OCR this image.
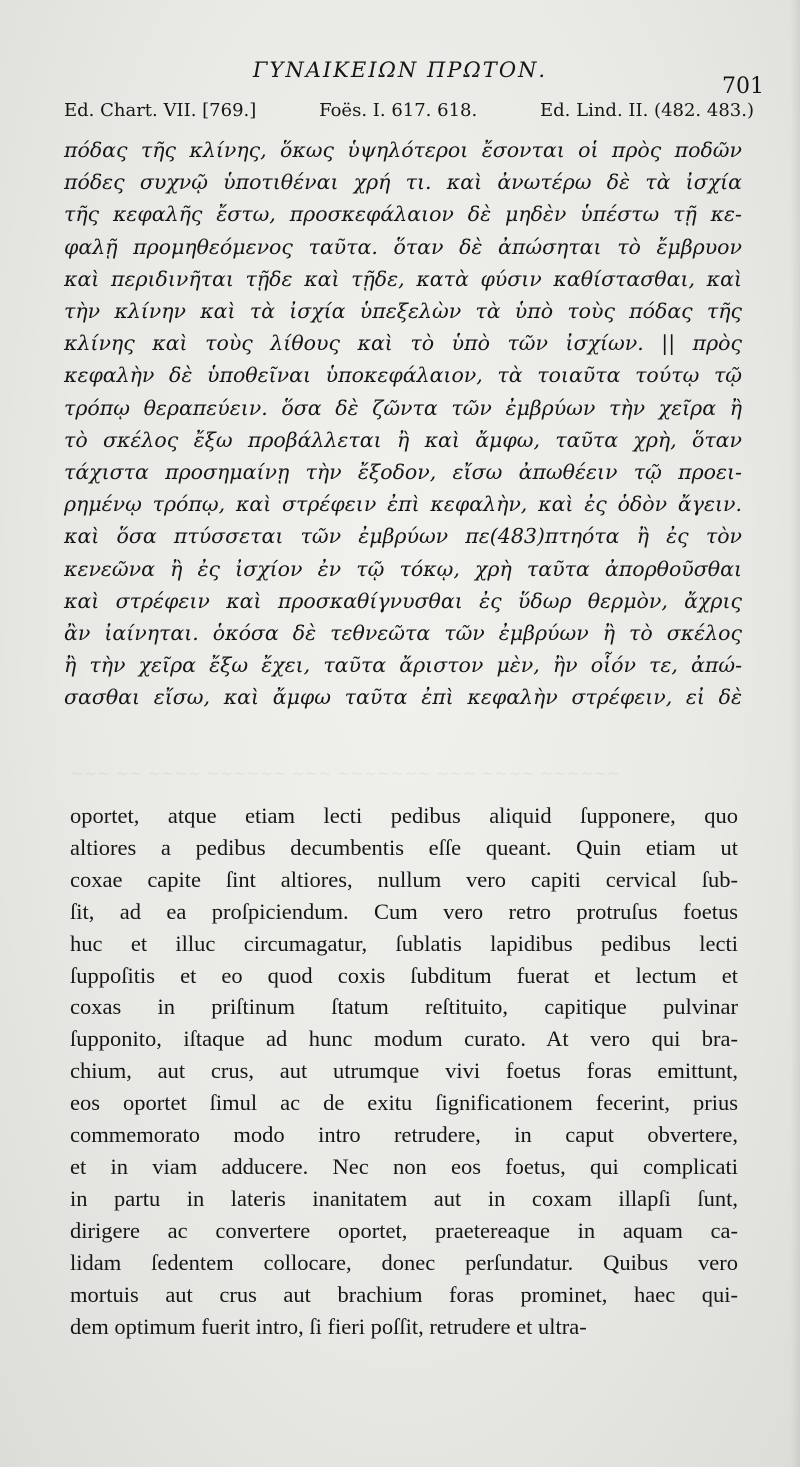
ΓΥΝΑΙΚΕΙΩΝ ΠΡΩΤΟΝ.
701
Ed. Chart. VII. [769.]	Foës. I. 617. 618.	Ed. Lind. II. (482. 483.)
πόδας τῆς κλίνης, ὅκως ὑψηλότεροι ἔσονται οἱ πρὸς ποδῶν
πόδες συχνῷ ὑποτιθέναι χρή τι. καὶ ἀνωτέρω δὲ τὰ ἰσχία
τῆς κεφαλῆς ἔστω, προσκεφάλαιον δὲ μηδὲν ὑπέστω τῇ κε-
φαλῇ προμηθεόμενος ταῦτα. ὅταν δὲ ἀπώσηται τὸ ἔμβρυον
καὶ περιδινῆται τῇδε καὶ τῇδε, κατὰ φύσιν καθίστασθαι, καὶ
τὴν κλίνην καὶ τὰ ἰσχία ὑπεξελὼν τὰ ὑπὸ τοὺς πόδας τῆς
κλίνης καὶ τοὺς λίθους καὶ τὸ ὑπὸ τῶν ἰσχίων. || πρὸς
κεφαλὴν δὲ ὑποθεῖναι ὑποκεφάλαιον, τὰ τοιαῦτα τούτῳ τῷ
τρόπῳ θεραπεύειν. ὅσα δὲ ζῶντα τῶν ἐμβρύων τὴν χεῖρα ἢ
τὸ σκέλος ἔξω προβάλλεται ἢ καὶ ἄμφω, ταῦτα χρὴ, ὅταν
τάχιστα προσημαίνῃ τὴν ἔξοδον, εἴσω ἀπωθέειν τῷ προει-
ρημένῳ τρόπῳ, καὶ στρέφειν ἐπὶ κεφαλὴν, καὶ ἐς ὁδὸν ἄγειν.
καὶ ὅσα πτύσσεται τῶν ἐμβρύων πε(483)πτηότα ἢ ἐς τὸν
κενεῶνα ἢ ἐς ἰσχίον ἐν τῷ τόκῳ, χρὴ ταῦτα ἀπορθοῦσθαι
καὶ στρέφειν καὶ προσκαθίγνυσθαι ἐς ὕδωρ θερμὸν, ἄχρις
ἂν ἰαίνηται. ὁκόσα δὲ τεθνεῶτα τῶν ἐμβρύων ἢ τὸ σκέλος
ἢ τὴν χεῖρα ἔξω ἔχει, ταῦτα ἄριστον μὲν, ἢν οἷόν τε, ἀπώ-
σασθαι εἴσω, καὶ ἄμφω ταῦτα ἐπὶ κεφαλὴν στρέφειν, εἰ δὲ
~~~ ~~ ~~~~ ~~~~~~ ~~~ ~~~~~~~ ~~~ ~~~~ ~~~~~~
oportet, atque etiam lecti pedibus aliquid ſupponere, quo
altiores a pedibus decumbentis eſſe queant. Quin etiam ut
coxae capite ſint altiores, nullum vero capiti cervical ſub-
ſit, ad ea proſpiciendum. Cum vero retro protruſus foetus
huc et illuc circumagatur, ſublatis lapidibus pedibus lecti
ſuppoſitis et eo quod coxis ſubditum fuerat et lectum et
coxas in priſtinum ſtatum reſtituito, capitique pulvinar
ſupponito, iſtaque ad hunc modum curato. At vero qui bra-
chium, aut crus, aut utrumque vivi foetus foras emittunt,
eos oportet ſimul ac de exitu ſignificationem fecerint, prius
commemorato modo intro retrudere, in caput obvertere,
et in viam adducere. Nec non eos foetus, qui complicati
in partu in lateris inanitatem aut in coxam illapſi ſunt,
dirigere ac convertere oportet, praetereaque in aquam ca-
lidam ſedentem collocare, donec perſundatur. Quibus vero
mortuis aut crus aut brachium foras prominet, haec qui-
dem optimum fuerit intro, ſi fieri poſſit, retrudere et ultra-
